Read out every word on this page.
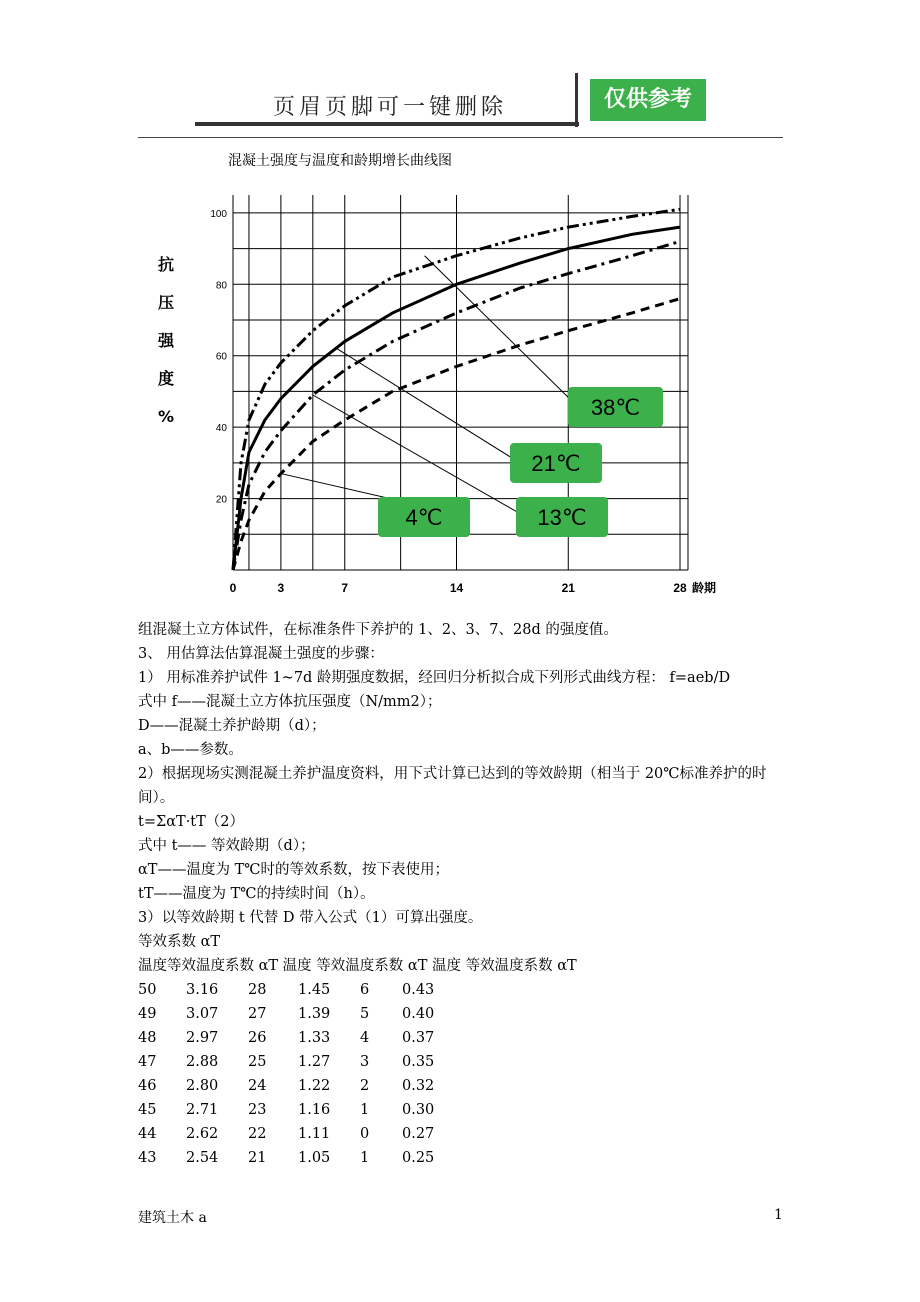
页眉页脚可一键删除	仅供参考
混凝土强度与温度和龄期增长曲线图
20
40
60
80
100
0	3	7	14	21	28
抗
压
强
度
%
龄期
38℃
21℃
13℃
4℃
组混凝土立方体试件，在标准条件下养护的 1、2、3、7、28d 的强度值。
3、 用估算法估算混凝土强度的步骤：
1） 用标准养护试件 1~7d 龄期强度数据，经回归分析拟合成下列形式曲线方程： f=aeb/D
式中 f——混凝土立方体抗压强度（N/mm2）；
D——混凝土养护龄期（d）；
a、b——参数。
2）根据现场实测混凝土养护温度资料，用下式计算已达到的等效龄期（相当于 20℃标准养护的时间）。
t=ΣαT·tT（2）
式中 t—— 等效龄期（d）；
αT——温度为 T℃时的等效系数，按下表使用；
tT——温度为 T℃的持续时间（h）。
3）以等效龄期 t 代替 D 带入公式（1）可算出强度。
等效系数 αT
温度等效温度系数 αT 温度 等效温度系数 αT 温度 等效温度系数 αT
50	3.16	28	1.45	6	0.43
49	3.07	27	1.39	5	0.40
48	2.97	26	1.33	4	0.37
47	2.88	25	1.27	3	0.35
46	2.80	24	1.22	2	0.32
45	2.71	23	1.16	1	0.30
44	2.62	22	1.11	0	0.27
43	2.54	21	1.05	1	0.25
建筑土木 a	1
